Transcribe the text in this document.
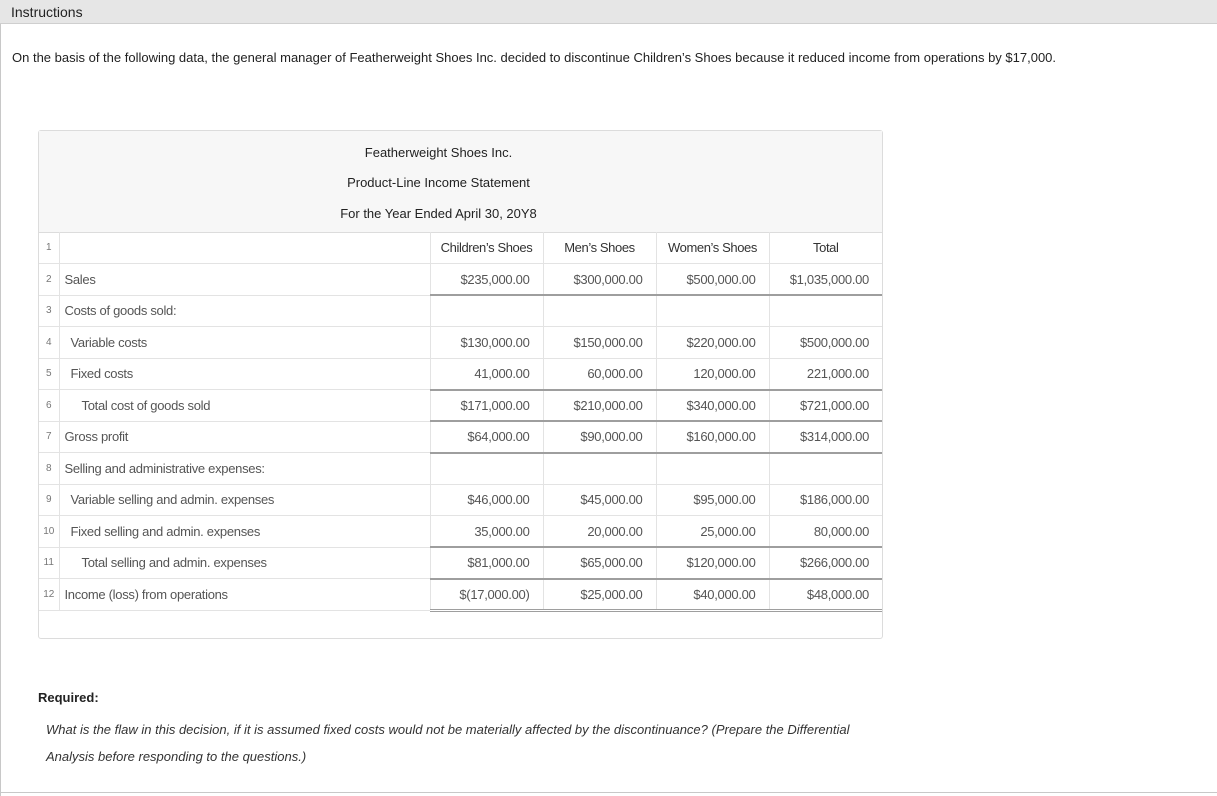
Instructions
On the basis of the following data, the general manager of Featherweight Shoes Inc. decided to discontinue Children’s Shoes because it reduced income from operations by $17,000.
Featherweight Shoes Inc.
Product-Line Income Statement
For the Year Ended April 30, 20Y8
1		Children’s Shoes	Men’s Shoes	Women’s Shoes	Total
2	Sales	$235,000.00	$300,000.00	$500,000.00	$1,035,000.00
3	Costs of goods sold:				
4	Variable costs	$130,000.00	$150,000.00	$220,000.00	$500,000.00
5	Fixed costs	41,000.00	60,000.00	120,000.00	221,000.00
6	Total cost of goods sold	$171,000.00	$210,000.00	$340,000.00	$721,000.00
7	Gross profit	$64,000.00	$90,000.00	$160,000.00	$314,000.00
8	Selling and administrative expenses:				
9	Variable selling and admin. expenses	$46,000.00	$45,000.00	$95,000.00	$186,000.00
10	Fixed selling and admin. expenses	35,000.00	20,000.00	25,000.00	80,000.00
11	Total selling and admin. expenses	$81,000.00	$65,000.00	$120,000.00	$266,000.00
12	Income (loss) from operations	$(17,000.00)	$25,000.00	$40,000.00	$48,000.00
Required:
What is the flaw in this decision, if it is assumed fixed costs would not be materially affected by the discontinuance? (Prepare the Differential Analysis before responding to the questions.)
